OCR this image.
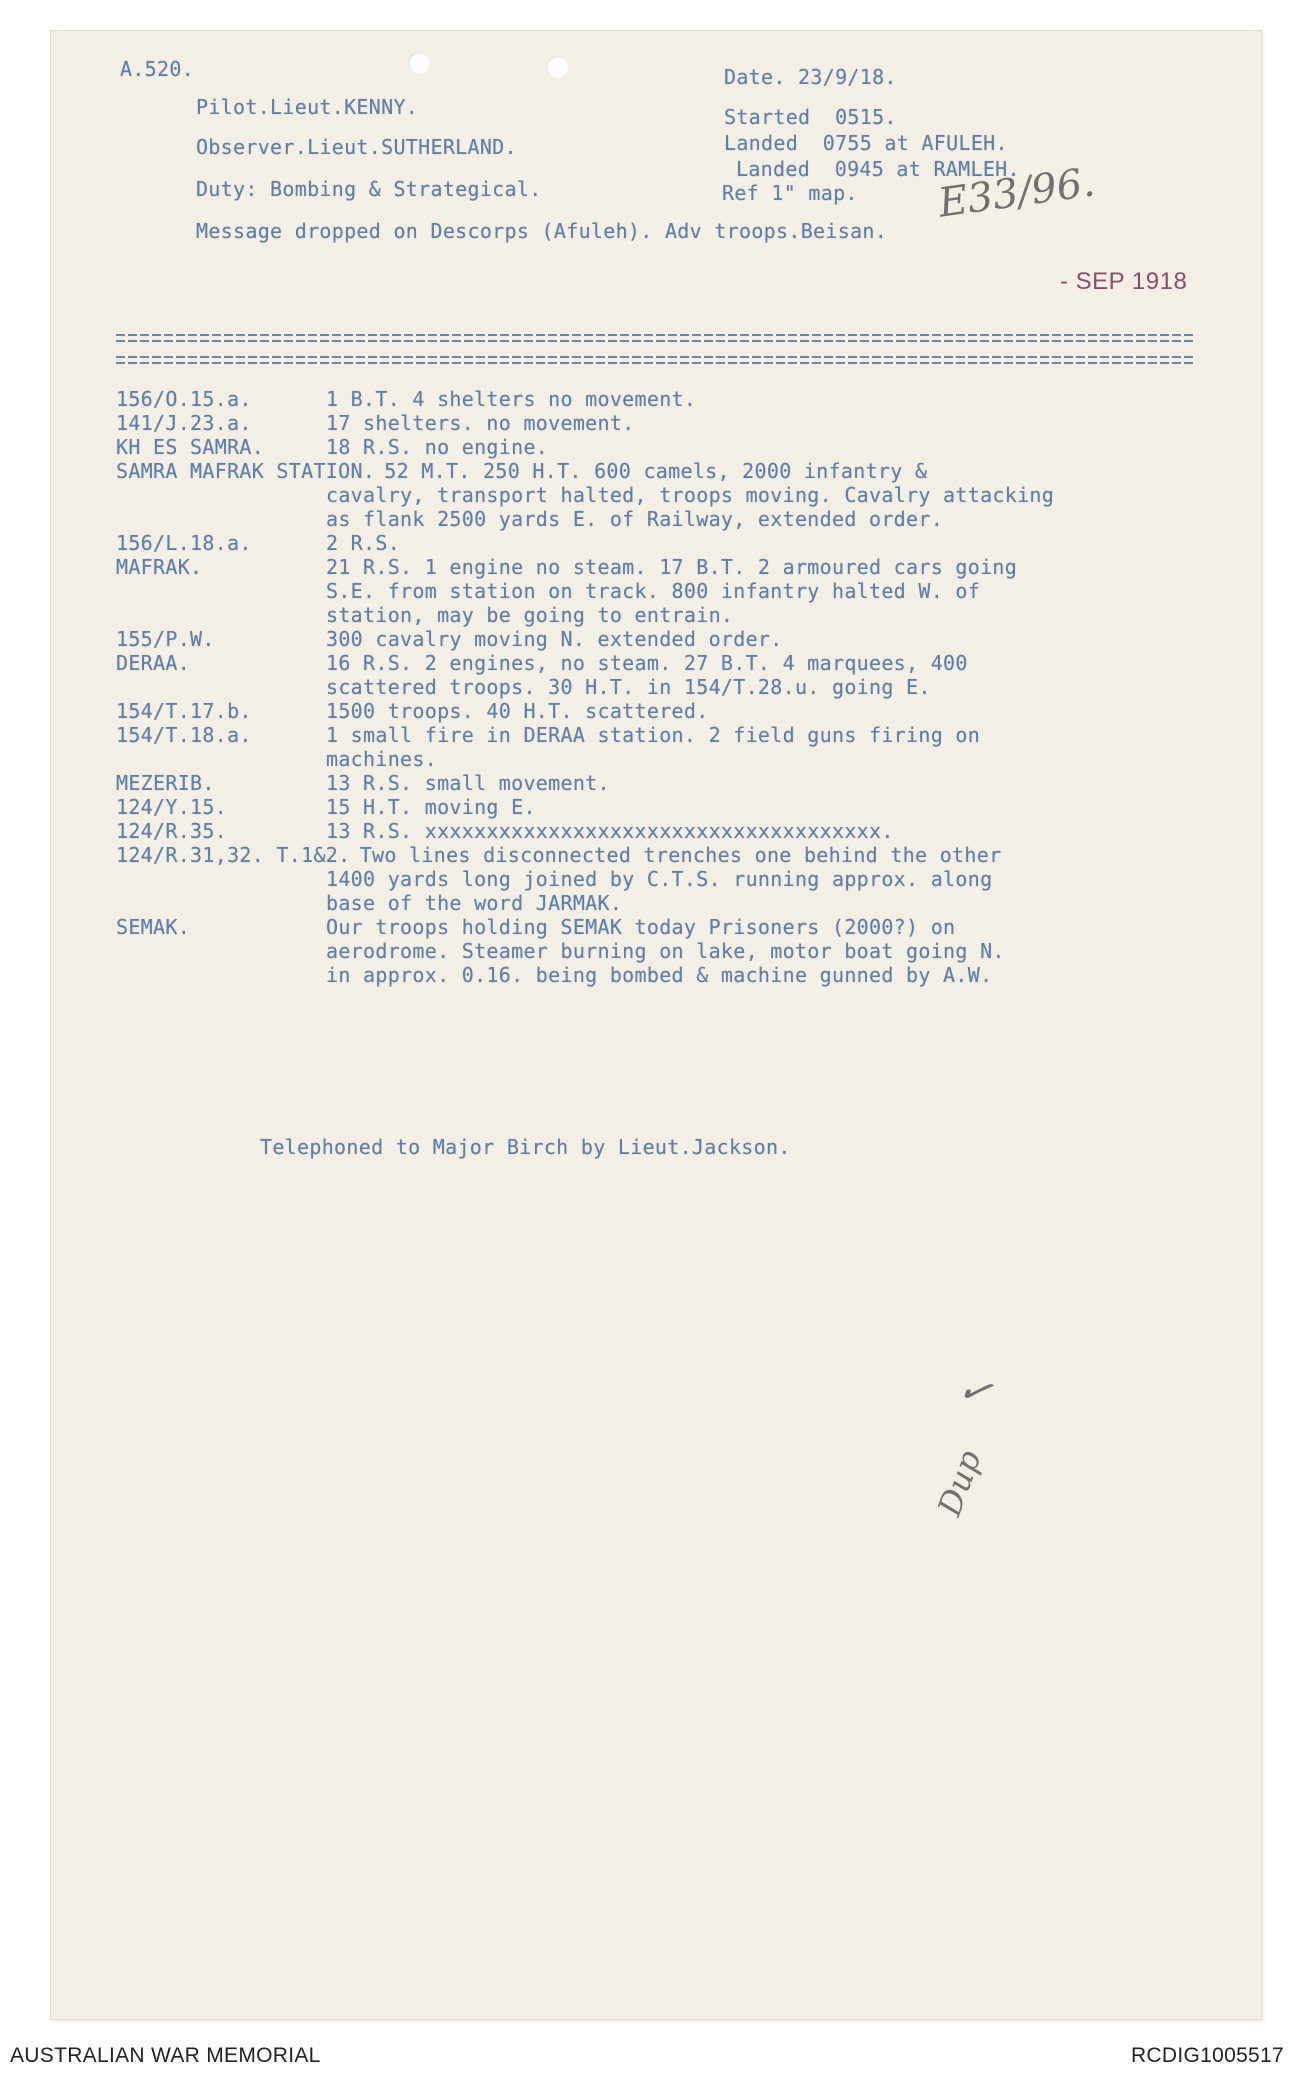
A.520.	Date. 23/9/18.
Pilot.Lieut.KENNY.	Started  0515.
Landed  0755 at AFULEH.
Observer.Lieut.SUTHERLAND.
Landed  0945 at RAMLEH.
Duty: Bombing & Strategical.	Ref 1" map.
Message dropped on Descorps (Afuleh). Adv troops.Beisan.
E33/96.
- SEP 1918
156/O.15.a.	1 B.T. 4 shelters no movement.
141/J.23.a.	17 shelters. no movement.
KH ES SAMRA.	18 R.S. no engine.
SAMRA MAFRAK STATION. 52 M.T. 250 H.T. 600 camels, 2000 infantry &
cavalry, transport halted, troops moving. Cavalry attacking
as flank 2500 yards E. of Railway, extended order.
156/L.18.a.	2 R.S.
MAFRAK.	21 R.S. 1 engine no steam. 17 B.T. 2 armoured cars going
S.E. from station on track. 800 infantry halted W. of
station, may be going to entrain.
155/P.W.	300 cavalry moving N. extended order.
DERAA.	16 R.S. 2 engines, no steam. 27 B.T. 4 marquees, 400
scattered troops. 30 H.T. in 154/T.28.u. going E.
154/T.17.b.	1500 troops. 40 H.T. scattered.
154/T.18.a.	1 small fire in DERAA station. 2 field guns firing on
machines.
MEZERIB.	13 R.S. small movement.
124/Y.15.	15 H.T. moving E.
124/R.35.	13 R.S. xxxxxxxxxxxxxxxxxxxxxxxxxxxxxxxxxxxxx.
124/R.31,32. T.1&2. Two lines disconnected trenches one behind the other
1400 yards long joined by C.T.S. running approx. along
base of the word JARMAK.
SEMAK.	Our troops holding SEMAK today Prisoners (2000?) on
aerodrome. Steamer burning on lake, motor boat going N.
in approx. 0.16. being bombed & machine gunned by A.W.
Telephoned to Major Birch by Lieut.Jackson.
✓
Dup
AUSTRALIAN WAR MEMORIAL	RCDIG1005517
